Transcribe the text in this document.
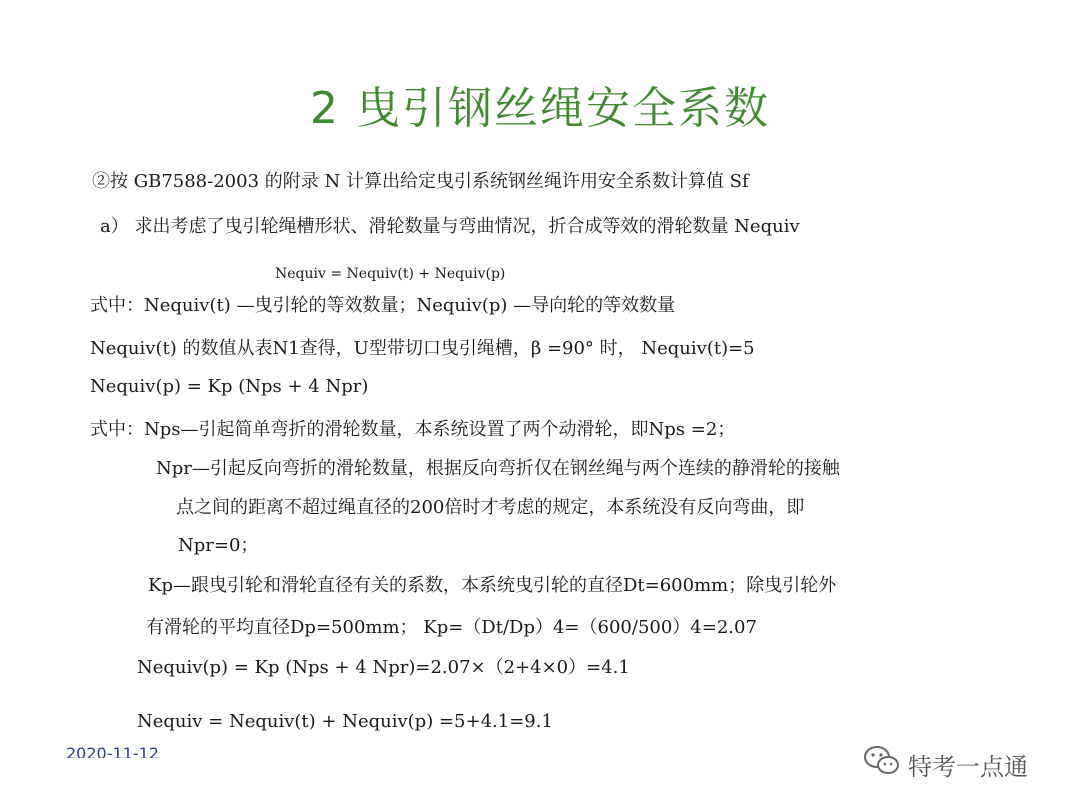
2 曳引钢丝绳安全系数
②按 GB7588-2003 的附录 N 计算出给定曳引系统钢丝绳许用安全系数计算值 Sf
a） 求出考虑了曳引轮绳槽形状、滑轮数量与弯曲情况，折合成等效的滑轮数量 Nequiv
Nequiv = Nequiv(t) + Nequiv(p)
式中：Nequiv(t) —曳引轮的等效数量；Nequiv(p) —导向轮的等效数量
Nequiv(t) 的数值从表N1查得，U型带切口曳引绳槽，β =90° 时， Nequiv(t)=5
Nequiv(p) = Kp (Nps + 4 Npr)
式中：Nps—引起简单弯折的滑轮数量，本系统设置了两个动滑轮，即Nps =2；
Npr—引起反向弯折的滑轮数量，根据反向弯折仅在钢丝绳与两个连续的静滑轮的接触
点之间的距离不超过绳直径的200倍时才考虑的规定，本系统没有反向弯曲，即
Npr=0；
Kp—跟曳引轮和滑轮直径有关的系数，本系统曳引轮的直径Dt=600mm；除曳引轮外
有滑轮的平均直径Dp=500mm； Kp=（Dt/Dp）4=（600/500）4=2.07
Nequiv(p) = Kp (Nps + 4 Npr)=2.07×（2+4×0）=4.1
Nequiv = Nequiv(t) + Nequiv(p) =5+4.1=9.1
2020-11-12	特考一点通
